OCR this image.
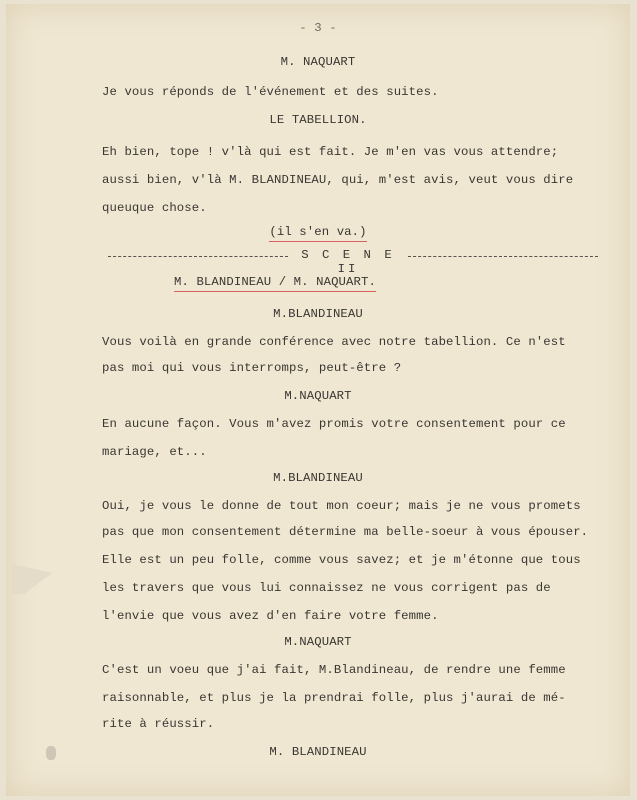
- 3 -
M. NAQUART
Je vous réponds de l'événement et des suites.
LE TABELLION.
Eh bien, tope ! v'là qui est fait. Je m'en vas vous attendre;
aussi bien, v'là M. BLANDINEAU, qui, m'est avis, veut vous dire
queuque chose.
(il s'en va.)
S C E N E II
M. BLANDINEAU / M. NAQUART.
M.BLANDINEAU
Vous voilà en grande conférence avec notre tabellion. Ce n'est
pas moi qui vous interromps, peut-être ?
M.NAQUART
En aucune façon. Vous m'avez promis votre consentement pour ce
mariage, et...
M.BLANDINEAU
Oui, je vous le donne de tout mon coeur; mais je ne vous promets
pas que mon consentement détermine ma belle-soeur à vous épouser.
Elle est un peu folle, comme vous savez; et je m'étonne que tous
les travers que vous lui connaissez ne vous corrigent pas de
l'envie que vous avez d'en faire votre femme.
M.NAQUART
C'est un voeu que j'ai fait, M.Blandineau, de rendre une femme
raisonnable, et plus je la prendrai folle, plus j'aurai de mé-
rite à réussir.
M. BLANDINEAU
